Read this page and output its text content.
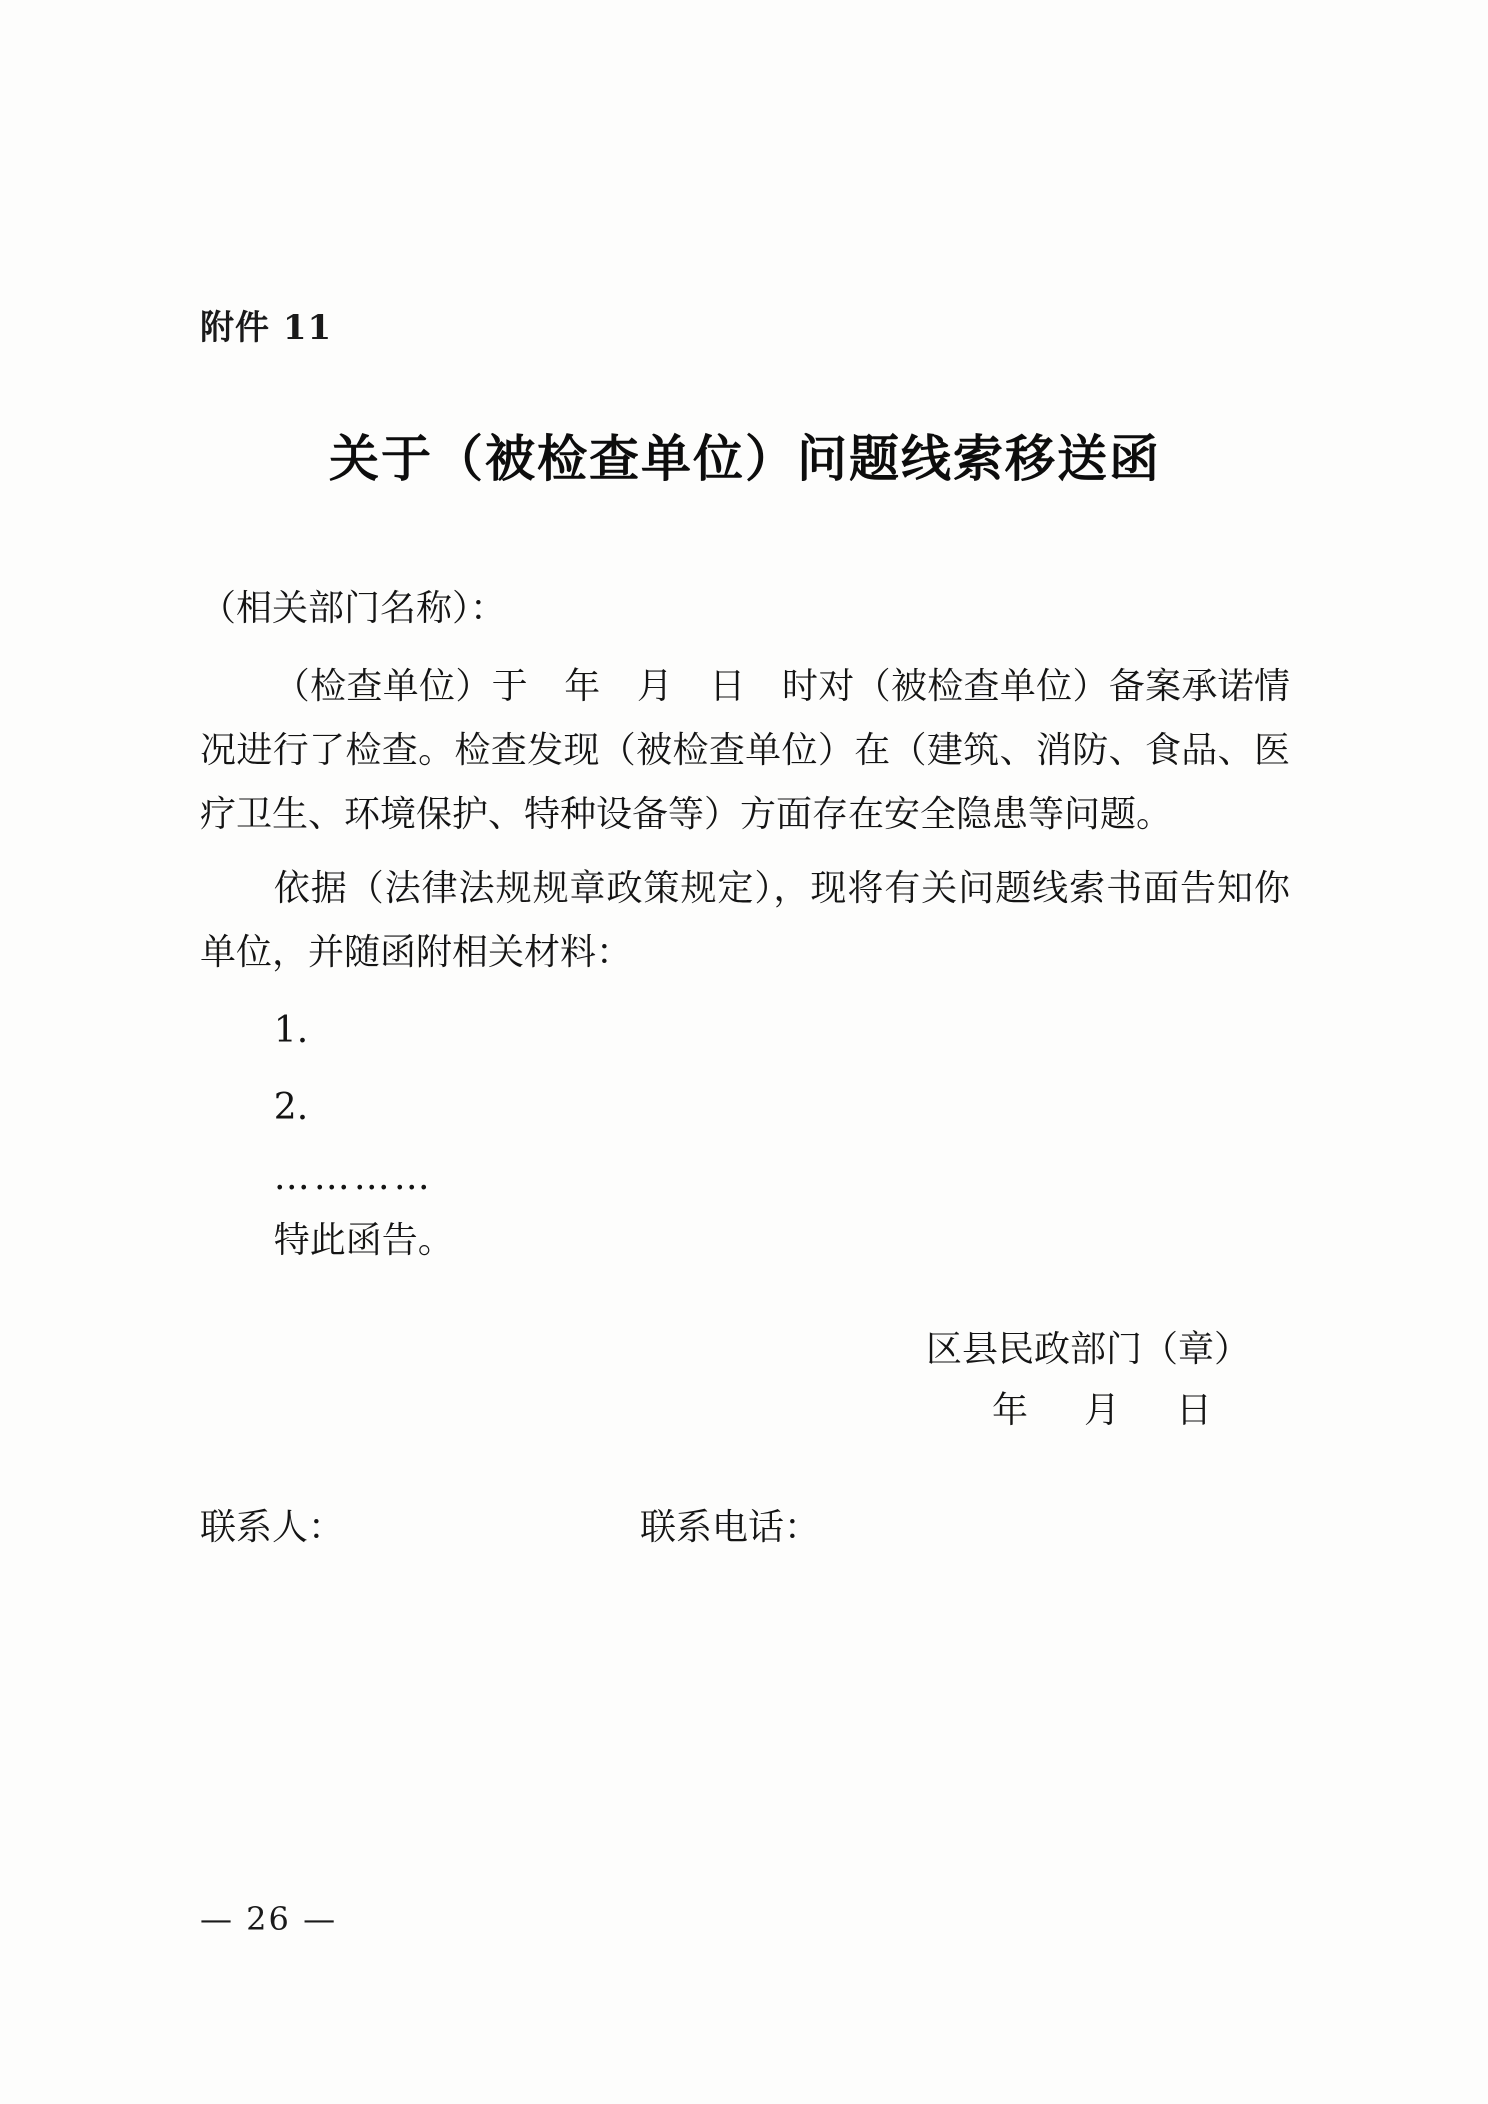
附件 11
关于（被检查单位）问题线索移送函
（相关部门名称）：
（检查单位）于　年　月　日　时对（被检查单位）备案承诺情况进行了检查。检查发现（被检查单位）在（建筑、消防、食品、医疗卫生、环境保护、特种设备等）方面存在安全隐患等问题。
依据（法律法规规章政策规定），现将有关问题线索书面告知你单位，并随函附相关材料：
1.
2.
…………
特此函告。
区县民政部门（章）
年　月　日
联系人：	联系电话：
— 26 —
